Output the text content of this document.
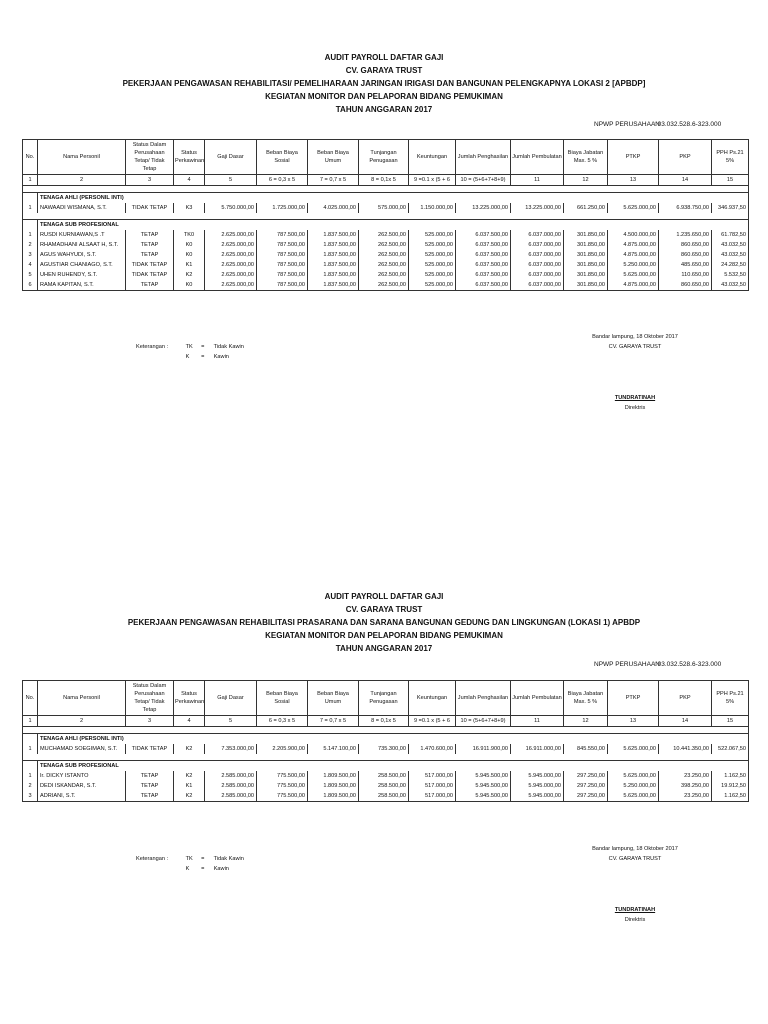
AUDIT PAYROLL DAFTAR GAJI
CV. GARAYA TRUST
PEKERJAAN PENGAWASAN REHABILITASI/ PEMELIHARAAN JARINGAN IRIGASI DAN BANGUNAN PELENGKAPNYA LOKASI 2 [APBDP]
KEGIATAN MONITOR DAN PELAPORAN BIDANG PEMUKIMAN
TAHUN ANGGARAN 2017
NPWP PERUSAHAAN
: 03.032.528.6-323.000
No.	Nama Personil	Status Dalam Perusahaan Tetap/ Tidak Tetap	Status Perkawinan	Gaji Dasar	Beban Biaya Sosial	Beban Biaya Umum	Tunjangan Penugasan	Keuntungan	Jumlah Penghasilan	Jumlah Pembulatan	Biaya Jabatan Max. 5 %	PTKP	PKP	PPH Ps.21 5%
1	2	3	4	5	6 = 0,3 x 5	7 = 0,7 x 5	8 = 0,1x 5	9 =0.1 x (5 + 6	10 = (5+6+7+8+9)	11	12	13	14	15

	TENAGA AHLI (PERSONIL INTI)													
1	NAWAADI WISMANA, S.T.	TIDAK TETAP	K3	5.750.000,00	1.725.000,00	4.025.000,00	575.000,00	1.150.000,00	13.225.000,00	13.225.000,00	661.250,00	5.625.000,00	6.938.750,00	346.937,50

	TENAGA SUB PROFESIONAL													
1	RUSDI KURNIAWAN,S .T	TETAP	TK0	2.625.000,00	787.500,00	1.837.500,00	262.500,00	525.000,00	6.037.500,00	6.037.000,00	301.850,00	4.500.000,00	1.235.650,00	61.782,50
2	RHAMADHANI ALSAAT H, S.T.	TETAP	K0	2.625.000,00	787.500,00	1.837.500,00	262.500,00	525.000,00	6.037.500,00	6.037.000,00	301.850,00	4.875.000,00	860.650,00	43.032,50
3	AGUS WAHYUDI, S.T.	TETAP	K0	2.625.000,00	787.500,00	1.837.500,00	262.500,00	525.000,00	6.037.500,00	6.037.000,00	301.850,00	4.875.000,00	860.650,00	43.032,50
4	AGUSTIAR CHANIAGO, S.T.	TIDAK TETAP	K1	2.625.000,00	787.500,00	1.837.500,00	262.500,00	525.000,00	6.037.500,00	6.037.000,00	301.850,00	5.250.000,00	485.650,00	24.282,50
5	UHEN RUHENDY, S.T.	TIDAK TETAP	K2	2.625.000,00	787.500,00	1.837.500,00	262.500,00	525.000,00	6.037.500,00	6.037.000,00	301.850,00	5.625.000,00	110.650,00	5.532,50
6	RAMA KAPITAN, S.T.	TETAP	K0	2.625.000,00	787.500,00	1.837.500,00	262.500,00	525.000,00	6.037.500,00	6.037.000,00	301.850,00	4.875.000,00	860.650,00	43.032,50
Keterangan :	TK = Tidak Kawin
K = Kawin
Bandar lampung, 18 Oktober 2017
CV. GARAYA TRUST
TUNDRATINAH
Direktris
AUDIT PAYROLL DAFTAR GAJI
CV. GARAYA TRUST
PEKERJAAN PENGAWASAN REHABILITASI PRASARANA DAN SARANA BANGUNAN GEDUNG DAN LINGKUNGAN (LOKASI 1) APBDP
KEGIATAN MONITOR DAN PELAPORAN BIDANG PEMUKIMAN
TAHUN ANGGARAN 2017
NPWP PERUSAHAAN
: 03.032.528.6-323.000
No.	Nama Personil	Status Dalam Perusahaan Tetap/ Tidak Tetap	Status Perkawinan	Gaji Dasar	Beban Biaya Sosial	Beban Biaya Umum	Tunjangan Penugasan	Keuntungan	Jumlah Penghasilan	Jumlah Pembulatan	Biaya Jabatan Max. 5 %	PTKP	PKP	PPH Ps.21 5%
1	2	3	4	5	6 = 0,3 x 5	7 = 0,7 x 5	8 = 0,1x 5	9 =0.1 x (5 + 6	10 = (5+6+7+8+9)	11	12	13	14	15

	TENAGA AHLI (PERSONIL INTI)													
1	MUCHAMAD SOEGIMAN, S.T.	TIDAK TETAP	K2	7.353.000,00	2.205.900,00	5.147.100,00	735.300,00	1.470.600,00	16.911.900,00	16.911.000,00	845.550,00	5.625.000,00	10.441.350,00	522.067,50

	TENAGA SUB PROFESIONAL													
1	Ir. DICKY ISTANTO	TETAP	K2	2.585.000,00	775.500,00	1.809.500,00	258.500,00	517.000,00	5.945.500,00	5.945.000,00	297.250,00	5.625.000,00	23.250,00	1.162,50
2	DEDI ISKANDAR, S.T.	TETAP	K1	2.585.000,00	775.500,00	1.809.500,00	258.500,00	517.000,00	5.945.500,00	5.945.000,00	297.250,00	5.250.000,00	398.250,00	19.912,50
3	ADRIANI, S.T.	TETAP	K2	2.585.000,00	775.500,00	1.809.500,00	258.500,00	517.000,00	5.945.500,00	5.945.000,00	297.250,00	5.625.000,00	23.250,00	1.162,50
Keterangan :	TK = Tidak Kawin
K = Kawin
Bandar lampung, 18 Oktober 2017
CV. GARAYA TRUST
TUNDRATINAH
Direktris
